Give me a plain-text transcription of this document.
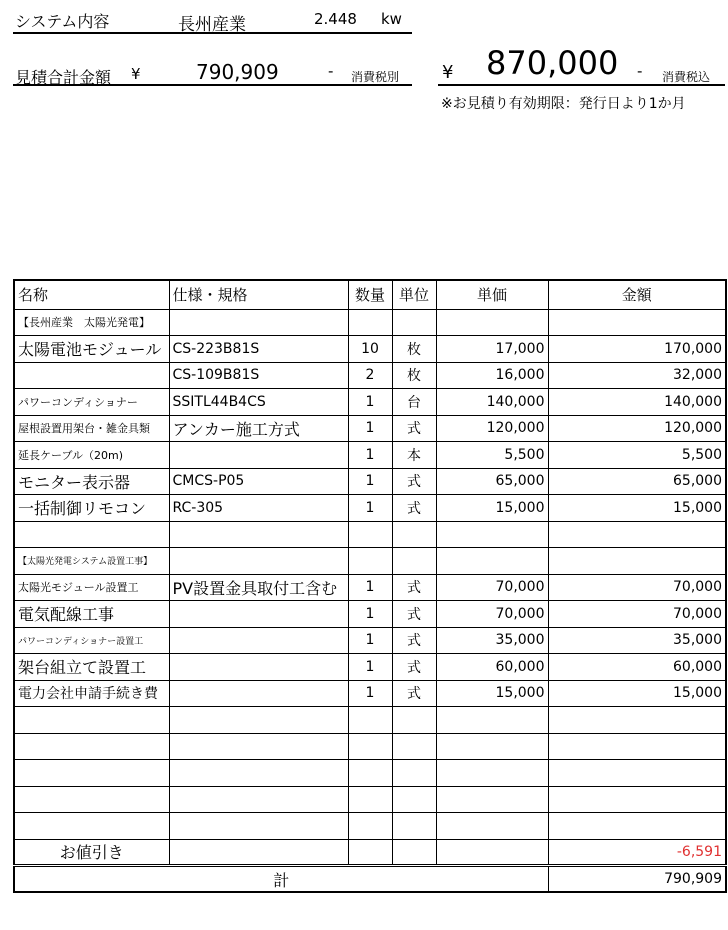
システム内容	長州産業	2.448 kw
見積合計金額 ¥	790,909	- 消費税別 ¥ 870,000 - 消費税込
※お見積り有効期限：発行日より1か月
名称	仕様・規格	数量	単位	単価	金額
【長州産業　太陽光発電】					
太陽電池モジュール	CS-223B81S	10	枚	17,000	170,000
	CS-109B81S	2	枚	16,000	32,000
パワーコンディショナー	SSITL44B4CS	1	台	140,000	140,000
屋根設置用架台・雑金具類	アンカー施工方式	1	式	120,000	120,000
延長ケーブル（20m)		1	本	5,500	5,500
モニター表示器	CMCS-P05	1	式	65,000	65,000
一括制御リモコン	RC-305	1	式	15,000	15,000

【太陽光発電システム設置工事】					
太陽光モジュール設置工	PV設置金具取付工含む	1	式	70,000	70,000
電気配線工事		1	式	70,000	70,000
パワーコンディショナー設置工		1	式	35,000	35,000
架台組立て設置工		1	式	60,000	60,000
電力会社申請手続き費		1	式	15,000	15,000

お値引き					-6,591
計					790,909
